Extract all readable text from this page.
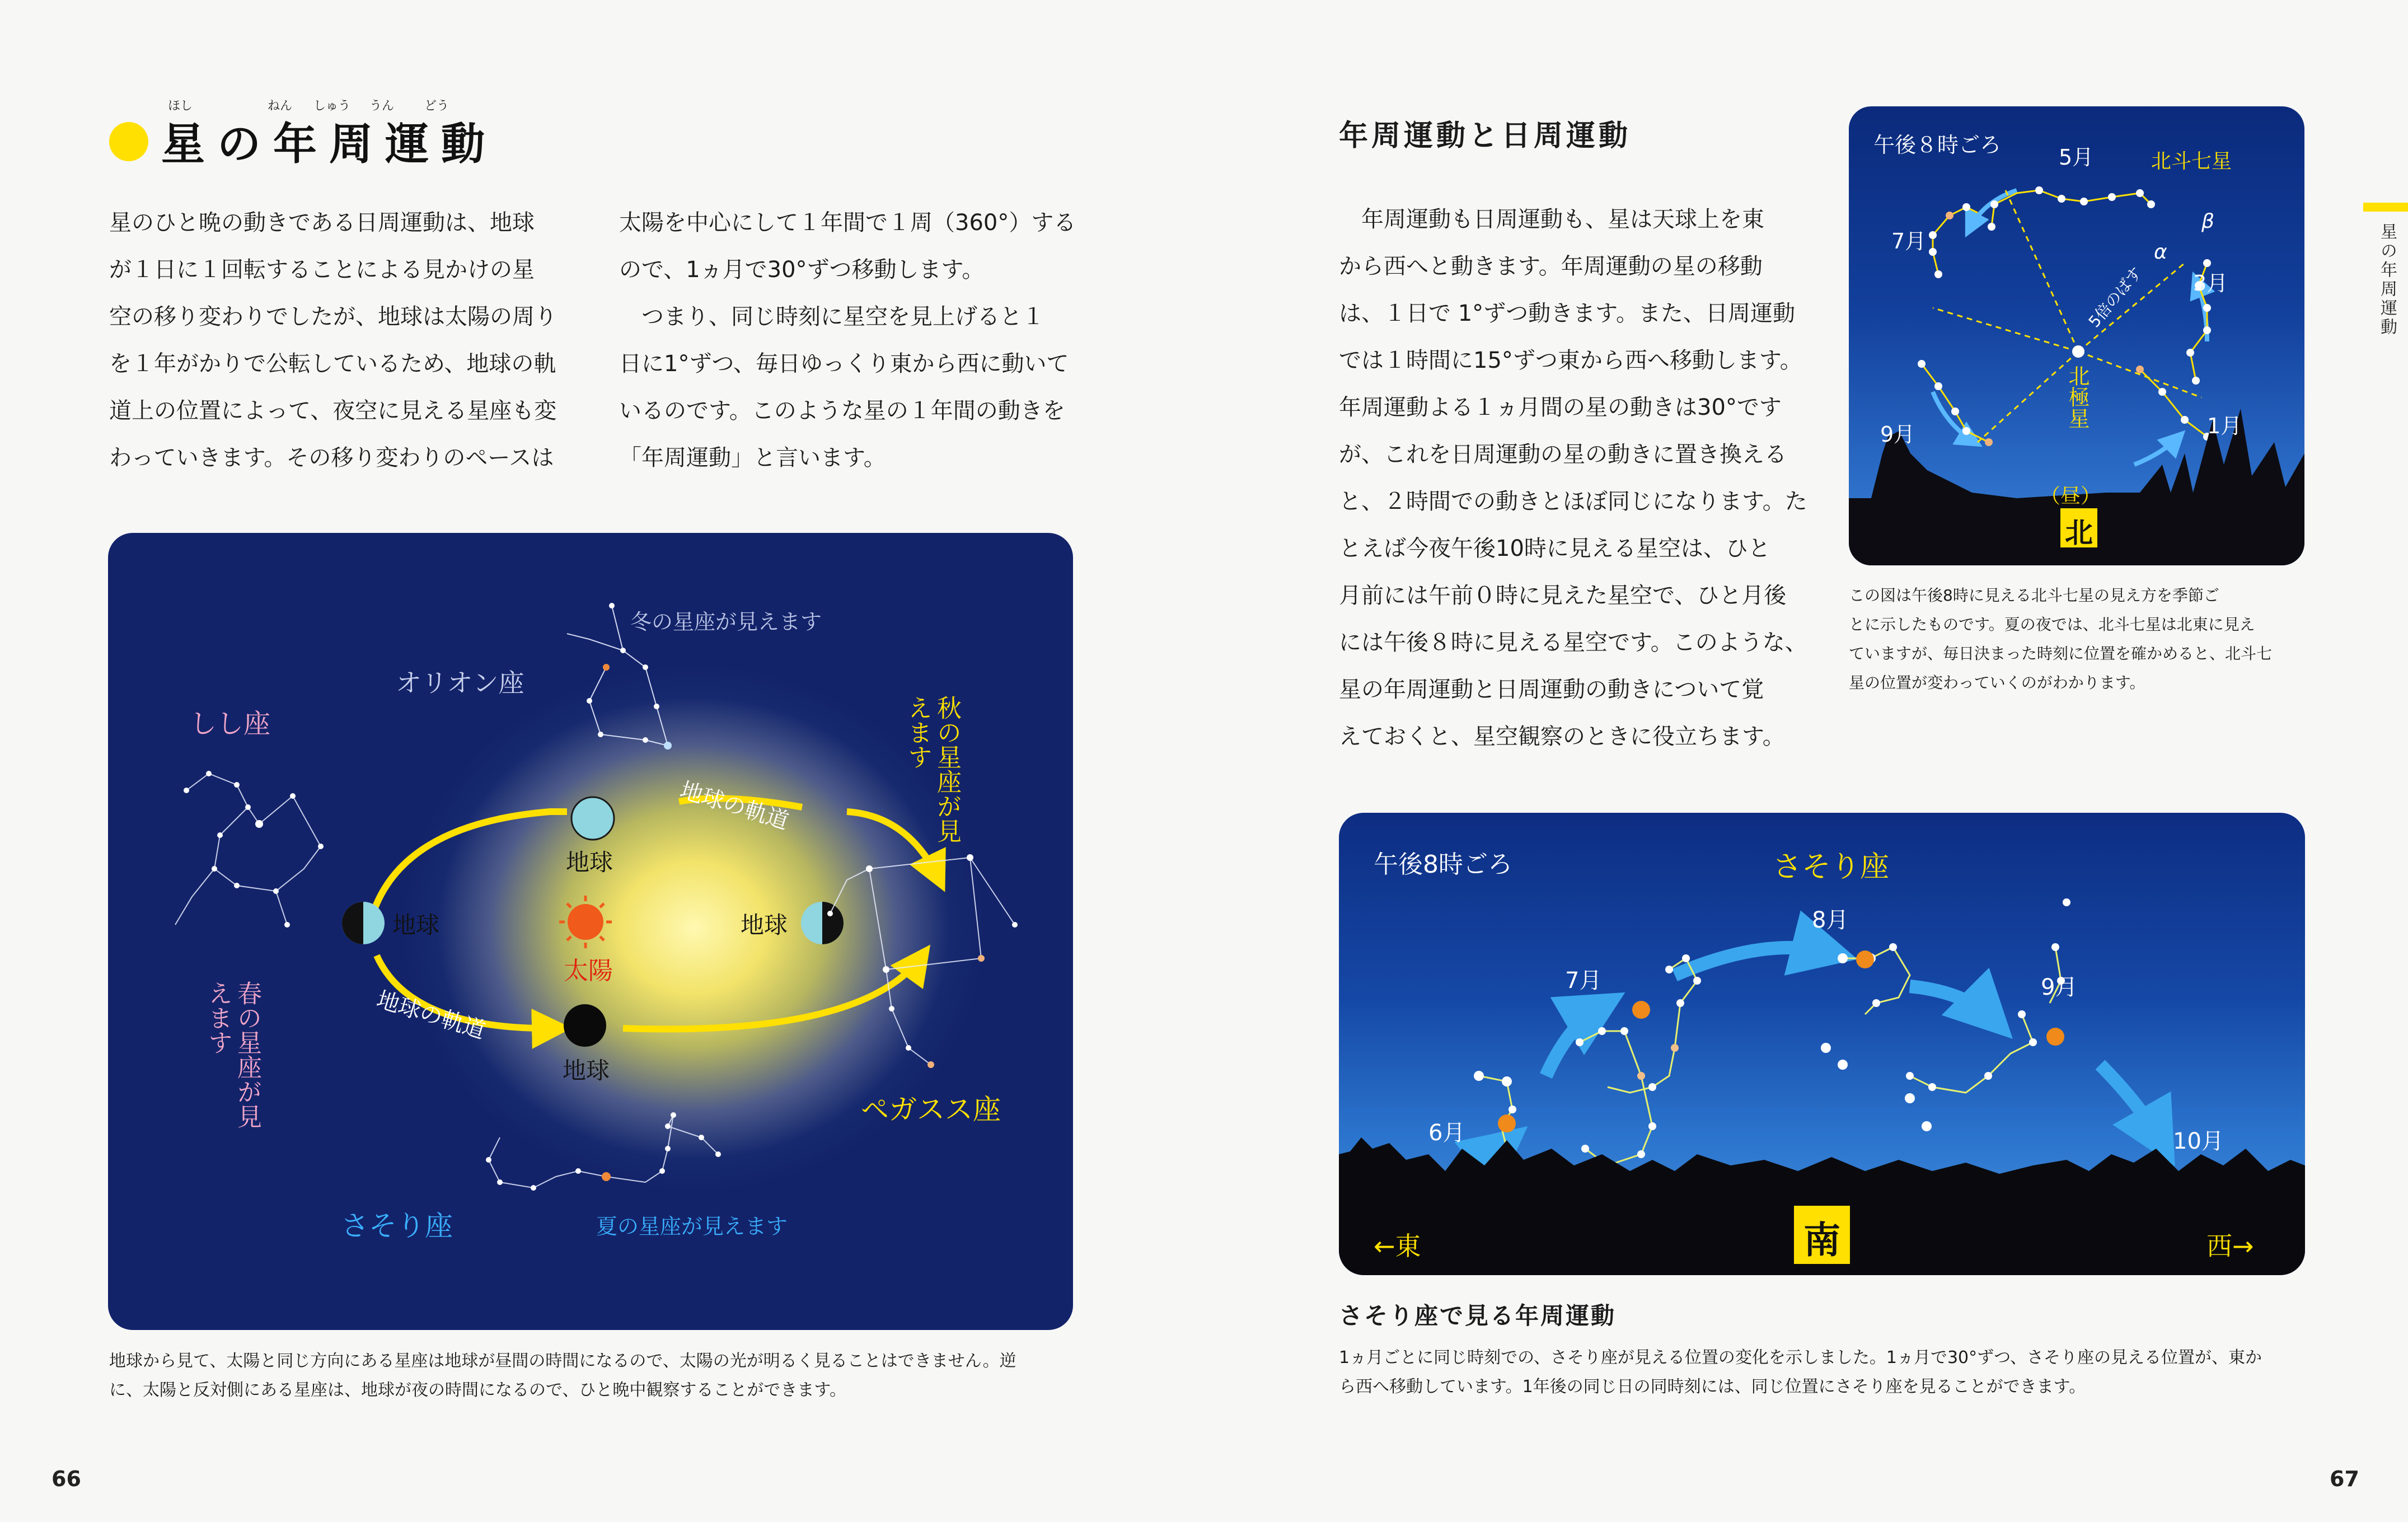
星の年周運動
ほし	ねん しゅう うん どう
星のひと晩の動きである日周運動は、地球
が１日に１回転することによる見かけの星
空の移り変わりでしたが、地球は太陽の周り
を１年がかりで公転しているため、地球の軌
道上の位置によって、夜空に見える星座も変
わっていきます。その移り変わりのペースは
太陽を中心にして１年間で１周（360°）する
ので、1ヵ月で30°ずつ移動します。
　つまり、同じ時刻に星空を見上げると１
日に1°ずつ、毎日ゆっくり東から西に動いて
いるのです。このような星の１年間の動きを
「年周運動」と言います。
冬の星座が見えます
オリオン座
しし座	秋の星座が見えます
春の星座が見えます
ペガスス座
さそり座	夏の星座が見えます
地球
地球	地球
地球
太陽
地球の軌道
地球の軌道
地球から見て、太陽と同じ方向にある星座は地球が昼間の時間になるので、太陽の光が明るく見ることはできません。逆
に、太陽と反対側にある星座は、地球が夜の時間になるので、ひと晩中観察することができます。
66
年周運動と日周運動
　年周運動も日周運動も、星は天球上を東
から西へと動きます。年周運動の星の移動
は、１日で 1°ずつ動きます。また、日周運動
では１時間に15°ずつ東から西へ移動します。
年周運動よる１ヵ月間の星の動きは30°です
が、これを日周運動の星の動きに置き換える
と、２時間での動きとほぼ同じになります。た
とえば今夜午後10時に見える星空は、ひと
月前には午前０時に見えた星空で、ひと月後
には午後８時に見える星空です。このような、
星の年周運動と日周運動の動きについて覚
えておくと、星空観察のときに役立ちます。
午後８時ごろ	5月	北斗七星
7月
3月
9月	1月
α
β
5倍のばす
北極星
（昼）
北
この図は午後8時に見える北斗七星の見え方を季節ご
とに示したものです。夏の夜では、北斗七星は北東に見え
ていますが、毎日決まった時刻に位置を確かめると、北斗七
星の位置が変わっていくのがわかります。
星の年周運動
午後8時ごろ	さそり座
6月
7月
8月
9月
10月
南
←東	西→
さそり座で見る年周運動
1ヵ月ごとに同じ時刻での、さそり座が見える位置の変化を示しました。1ヵ月で30°ずつ、さそり座の見える位置が、東か
ら西へ移動しています。1年後の同じ日の同時刻には、同じ位置にさそり座を見ることができます。
67
